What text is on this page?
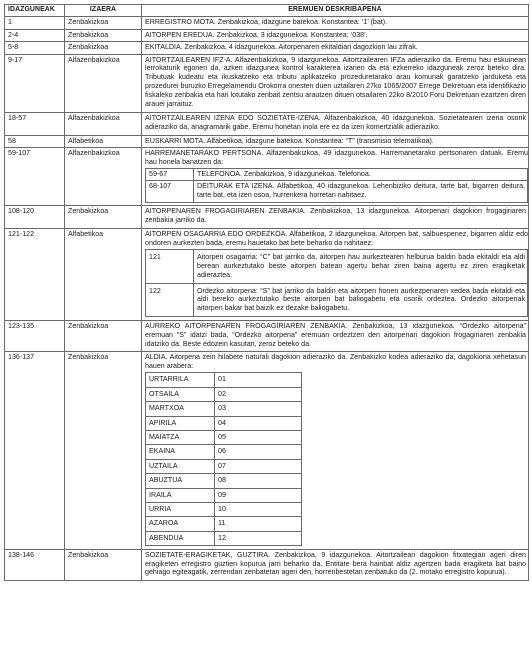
IDAZGUNEAK	IZAERA	EREMUEN DESKRIBAPENA
1	Zenbakizkoa	ERREGISTRO MOTA. Zenbakizkoa, idazgune batekoa. Konstantea: ‘1’ (bat).
2-4	Zenbakizkoa	AITORPEN EREDUA. Zenbakizkoa, 3 idazgunekoa. Konstantea: ‘038’.
5-8	Zenbakizkoa	EKITALDIA. Zenbakizkoa, 4 idazgunekoa. Aitorpenaren ekitaldiari dagozkion lau zifrak.
9-17	Alfazenbakizkoa	AITORTZAILEAREN IFZ-A. Alfazenbakizkoa, 9 idazgunekoa. Aitortzailearen IFZa adieraziko da. Eremu hau eskuinean lerrokaturik egonen da, azken idazgunea kontrol karakterea izanen da eta ezkerreko idazguneak zeroz beteko dira. Tributuak kudeatu eta ikuskatzeko eta tributu aplikatzeko prozeduretarako arau komunak garatzeko jarduketa eta prozedurei buruzko Erregelamendu Orokorra onesten duen uztailaren 27ko 1065/2007 Errege Dekretuan eta identifikazio fiskaleko zenbakia eta hari lotutako zenbait zentsu arautzen dituen otsailaren 22ko 8/2010 Foru Dekretuan ezartzen diren arauei jarraituz.
18-57	Alfazenbakizkoa	AITORTZAILEAREN IZENA EDO SOZIETATE-IZENA. Alfazenbakizkoa, 40 idazgunekoa. Sozietatearen izena osorik adieraziko da, anagramarik gabe. Eremu honetan inola ere ez da izen komertzialik adieraziko.
58	Alfabetikoa	EUSKARRI MOTA. Alfabetikoa, idazgune batekoa. Konstantea: “T” (transmisio telematikoa).
59-107	Alfazenbakizkoa	HARREMANETARAKO PERTSONA. Alfazenbakizkoa, 49 idazgunekoa. Harremanetarako pertsonaren datuak. Eremu hau honela banatzen da:
59-67	TELEFONOA. Zenbakizkoa, 9 idazgunekoa. Telefonoa.
68-107	DEITURAK ETA IZENA. Alfabetikoa, 40 idazgunekoa. Lehenbiziko deitura, tarte bat, bigarren deitura, tarte bat, eta izen osoa, hurrenkera horretan nahitaez.

108-120	Zenbakizkoa	AITORPENAREN FROGAGIRIAREN ZENBAKIA. Zenbakizkoa, 13 idazgunekoa. Aitorpenari dagokion frogagiriaren zenbakia jarriko da.
121-122	Alfabetikoa	AITORPEN OSAGARRIA EDO ORDEZKOA. Alfabetikoa, 2 idazgunekoa. Aitorpen bat, salbuespenez, bigarren aldiz edo ondoren aurkezten bada, eremu hauetako bat bete beharko da nahitaez:
121	Aitorpen osagarria: “C” bat jarriko da, aitorpen hau aurkeztearen helburua baldin bada ekitaldi eta aldi berean aurkeztutako beste aitorpen batean agertu behar ziren baina agertu ez ziren eragiketak adieraztea.
122	Ordezko aitorpena: “S” bat jarriko da baldin eta aitorpen honen aurkezpenaren xedea bada ekitaldi eta aldi bereko aurkeztutako beste aitorpen bat baliogabetu eta osorik ordeztea. Ordezko aitorpenak aitorpen bakar bat baizik ez dezake baliogabetu.

123-135	Zenbakizkoa	AURREKO AITORPENAREN FROGAGIRIAREN ZENBAKIA. Zenbakizkoa, 13 idazgunekoa. “Ordezko aitorpena” eremuan “S” idatzi bada, “Ordezko aitorpena” eremuan ordeztzen den aitorpenari dagokion frogagiriaren zenbakia idatziko da. Beste edozein kasutan, zeroz beteko da.
136-137	Zenbakizkoa	ALDIA. Aitorpena zein hilabete naturali dagokion adieraziko da. Zenbakizko kodea adieraziko da, dagokiona xehetasun hauen arabera:
URTARRILA	01
OTSAILA	02
MARTXOA	03
APIRILA	04
MAIATZA	05
EKAINA	06
UZTAILA	07
ABUZTUA	08
IRAILA	09
URRIA	10
AZAROA	11
ABENDUA	12

138-146	Zenbakizkoa	SOZIETATE-ERAGIKETAK, GUZTIRA. Zenbakizkoa, 9 idazgunekoa. Aitortzaileari dagokion fitxategian ageri diren eragiketen erregistro guztien kopurua jarri beharko da. Entitate bera hainbat aldiz agertzen bada eragiketa bat baino gehiago egiteagatik, zerrendan zenbatetan ageri den, horrenbestetan zenbatuko da (2. motako erregistro kopurua).
